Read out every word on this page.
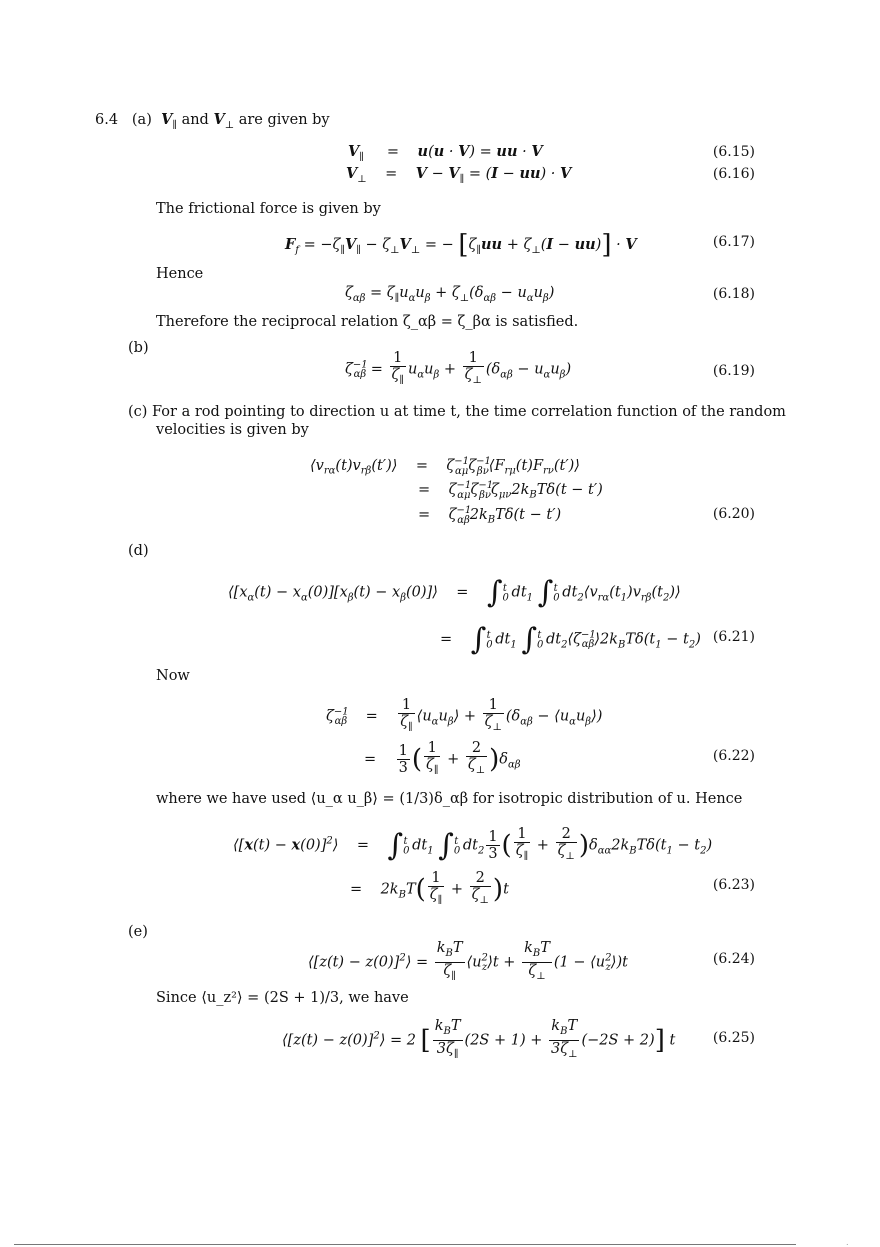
6.4 (a) $V_\parallel$ and $V_\perp$ are given by
$V_\parallel$     =    u(u · V) = uu · V	(6.15)
$V_\perp$    =    $V - V_\parallel = (I - uu) \cdot V$	(6.16)
The frictional force is given by
$F_f = -\zeta_\parallel V_\parallel - \zeta_\perp V_\perp$ = − $[\zeta_\parallel uu + \zeta_\perp(I - uu)] \cdot V$	(6.17)
Hence
$\zeta_{\alpha\beta} = \zeta_\parallel u_\alpha u_\beta + \zeta_\perp(\delta_{\alpha\beta} - u_\alpha u_\beta)$	(6.18)
Therefore the reciprocal relation ζ_αβ = ζ_βα is satisfied.
(b)
$\zeta^{-1}_{\alpha\beta} = \frac{1}{\zeta_\parallel} u_\alpha u_\beta + \frac{1}{\zeta_\perp} (\delta_{\alpha\beta} - u_\alpha u_\beta)$	(6.19)
(c) For a rod pointing to direction u at time t, the time correlation function of the random
velocities is given by
$⟨v_{r\alpha}(t)v_{r\beta}(t')⟩$    =    $\zeta^{-1}_{\alpha\mu}\zeta^{-1}_{\beta\nu}⟨F_{r\mu}(t)F_{r\nu}(t')⟩$
=    $\zeta^{-1}_{\alpha\mu}\zeta^{-1}_{\beta\nu}\zeta_{\mu\nu}2k_BT\delta(t - t')$
=    $\zeta^{-1}_{\alpha\beta}2k_BT\delta(t - t')$	(6.20)
(d)
$⟨[x_\alpha(t) - x_\alpha(0)][x_\beta(t)$ − $x_\beta(0)]⟩$    =    $\int_0^t$ $dt_1$ $\int_0^t$ $dt_2⟨v_{r\alpha}(t_1)v_{r\beta}(t_2)⟩$
=    $\int_0^t$ $dt_1$ $\int_0^t$ $dt_2⟨\zeta^{-1}_{\alpha\beta}⟩2k_BT\delta(t_1 - t_2)$ (6.21)
Now
$\zeta^{-1}_{\alpha\beta}$    = $\frac{1}{\zeta_\parallel}$ $⟨u_\alpha u_\beta⟩ + \frac{1}{\zeta_\perp} (\delta_{\alpha\beta}$ − $⟨u_\alpha u_\beta⟩$)
= $\frac{1}{3}$ ( $\frac{1}{\zeta_\parallel} + \frac{2}{\zeta_\perp} )\delta_{\alpha\beta}$
(6.22)
where we have used ⟨u_α u_β⟩ = (1/3)δ_αβ for isotropic distribution of u. Hence
⟨[x(t) − x(0)]$^2$⟩    =    $\int_0^t$ $dt_1$ $\int_0^t$ $dt_2 \frac{1}{3}$ ( $\frac{1}{\zeta_\parallel} + \frac{2}{\zeta_\perp} )\delta_{\alpha\alpha}2k_BT\delta(t_1 - t_2)$
=    $2k_BT( \frac{1}{\zeta_\parallel} + \frac{2}{\zeta_\perp} )t$	(6.23)
(e)
⟨[z(t) − z(0)]$^2$⟩ = $\frac{k_BT}{\zeta_\parallel}$ $⟨u^2_z⟩t + \frac{k_BT}{\zeta_\perp} (1$ − $⟨u^2_z⟩)t$	(6.24)
Since ⟨u_z²⟩ = (2S + 1)/3, we have
⟨[z(t) − z(0)]$^2$⟩ = 2 [ $\frac{k_BT}{3\zeta_\parallel} (2S + 1) + \frac{k_BT}{3\zeta_\perp} (-2S + 2)$] t	(6.25)
.
